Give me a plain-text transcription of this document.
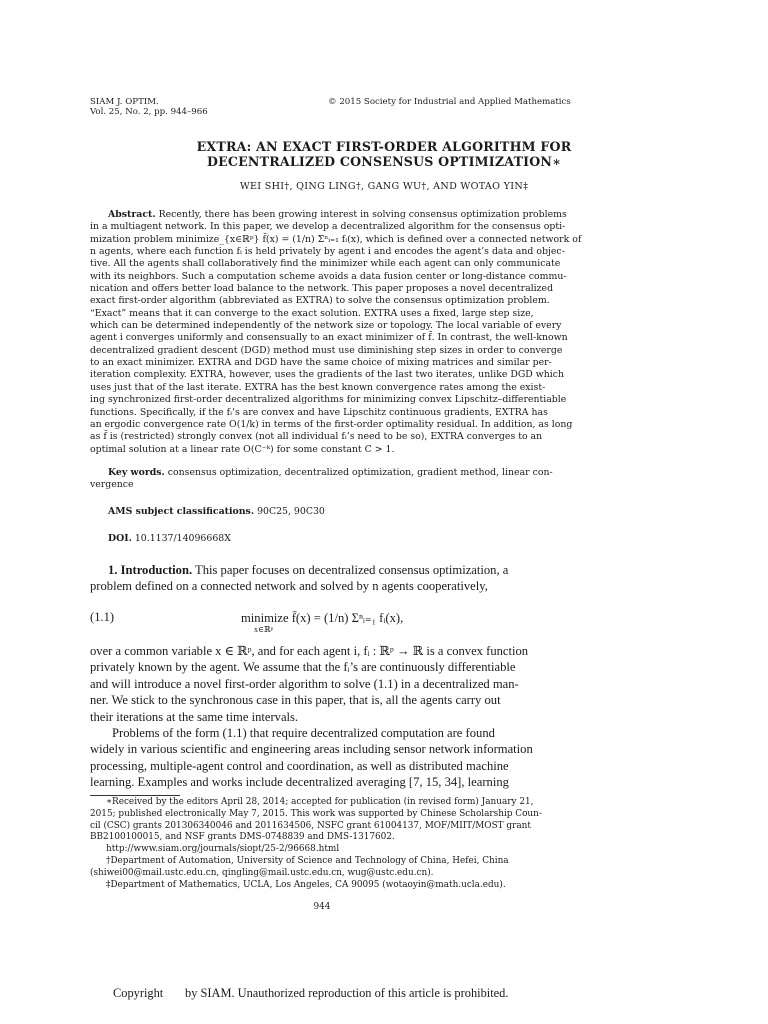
SIAM J. OPTIM.
Vol. 25, No. 2, pp. 944–966
© 2015 Society for Industrial and Applied Mathematics
EXTRA: AN EXACT FIRST-ORDER ALGORITHM FOR
DECENTRALIZED CONSENSUS OPTIMIZATION∗
WEI SHI†, QING LING†, GANG WU†, AND WOTAO YIN‡
Abstract. Recently, there has been growing interest in solving consensus optimization problems
in a multiagent network. In this paper, we develop a decentralized algorithm for the consensus opti-
mization problem minimize_{x∈ℝᵖ} f̄(x) = (1/n) Σⁿᵢ₌₁ fᵢ(x), which is defined over a connected network of
n agents, where each function fᵢ is held privately by agent i and encodes the agent’s data and objec-
tive. All the agents shall collaboratively find the minimizer while each agent can only communicate
with its neighbors. Such a computation scheme avoids a data fusion center or long-distance commu-
nication and offers better load balance to the network. This paper proposes a novel decentralized
exact first-order algorithm (abbreviated as EXTRA) to solve the consensus optimization problem.
“Exact” means that it can converge to the exact solution. EXTRA uses a fixed, large step size,
which can be determined independently of the network size or topology. The local variable of every
agent i converges uniformly and consensually to an exact minimizer of f̄. In contrast, the well-known
decentralized gradient descent (DGD) method must use diminishing step sizes in order to converge
to an exact minimizer. EXTRA and DGD have the same choice of mixing matrices and similar per-
iteration complexity. EXTRA, however, uses the gradients of the last two iterates, unlike DGD which
uses just that of the last iterate. EXTRA has the best known convergence rates among the exist-
ing synchronized first-order decentralized algorithms for minimizing convex Lipschitz–differentiable
functions. Specifically, if the fᵢ’s are convex and have Lipschitz continuous gradients, EXTRA has
an ergodic convergence rate O(1/k) in terms of the first-order optimality residual. In addition, as long
as f̄ is (restricted) strongly convex (not all individual fᵢ’s need to be so), EXTRA converges to an
optimal solution at a linear rate O(C⁻ᵏ) for some constant C > 1.
Key words. consensus optimization, decentralized optimization, gradient method, linear con-
vergence
AMS subject classifications. 90C25, 90C30
DOI. 10.1137/14096668X
1. Introduction. This paper focuses on decentralized consensus optimization, a
problem defined on a connected network and solved by n agents cooperatively,
(1.1)	minimize f̄(x) = (1/n) Σⁿᵢ₌₁ fᵢ(x),
x∈ℝᵖ
over a common variable x ∈ ℝᵖ, and for each agent i, fᵢ : ℝᵖ → ℝ is a convex function
privately known by the agent. We assume that the fᵢ’s are continuously differentiable
and will introduce a novel first-order algorithm to solve (1.1) in a decentralized man-
ner. We stick to the synchronous case in this paper, that is, all the agents carry out
their iterations at the same time intervals.
Problems of the form (1.1) that require decentralized computation are found
widely in various scientific and engineering areas including sensor network information
processing, multiple-agent control and coordination, as well as distributed machine
learning. Examples and works include decentralized averaging [7, 15, 34], learning
∗Received by the editors April 28, 2014; accepted for publication (in revised form) January 21,
2015; published electronically May 7, 2015. This work was supported by Chinese Scholarship Coun-
cil (CSC) grants 201306340046 and 2011634506, NSFC grant 61004137, MOF/MIIT/MOST grant
BB2100100015, and NSF grants DMS-0748839 and DMS-1317602.
http://www.siam.org/journals/siopt/25-2/96668.html
†Department of Automation, University of Science and Technology of China, Hefei, China
(shiwei00@mail.ustc.edu.cn, qingling@mail.ustc.edu.cn, wug@ustc.edu.cn).
‡Department of Mathematics, UCLA, Los Angeles, CA 90095 (wotaoyin@math.ucla.edu).
944
Copyright by SIAM. Unauthorized reproduction of this article is prohibited.
